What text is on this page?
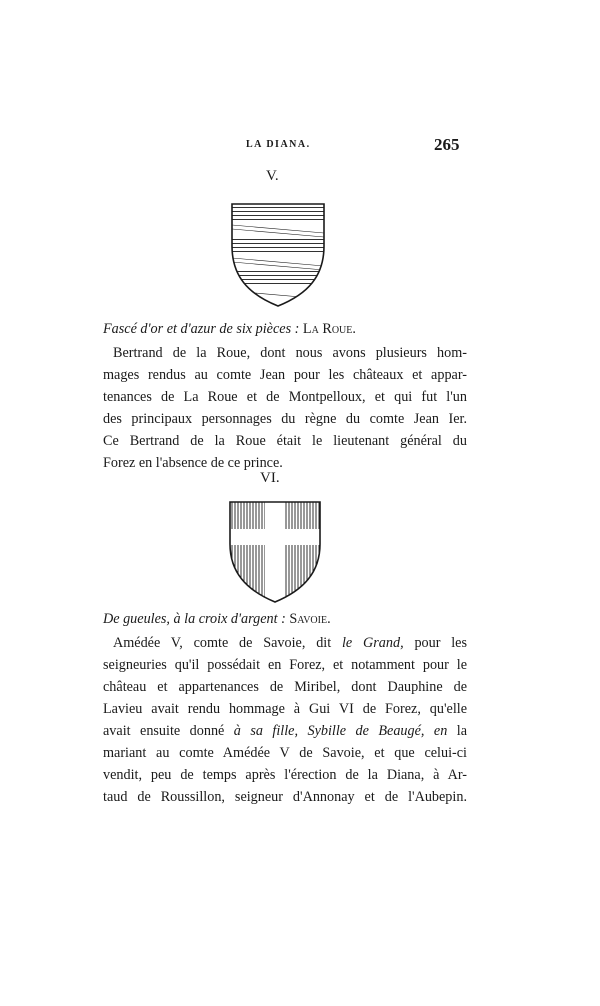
LA DIANA.	265
V.
Fascé d'or et d'azur de six pièces : La Roue.
Bertrand de la Roue, dont nous avons plusieurs hom-
mages rendus au comte Jean pour les châteaux et appar-
tenances de La Roue et de Montpelloux, et qui fut l'un
des principaux personnages du règne du comte Jean Ier.
Ce Bertrand de la Roue était le lieutenant général du
Forez en l'absence de ce prince.
VI.
De gueules, à la croix d'argent : Savoie.
Amédée V, comte de Savoie, dit le Grand, pour les
seigneuries qu'il possédait en Forez, et notamment pour le
château et appartenances de Miribel, dont Dauphine de
Lavieu avait rendu hommage à Gui VI de Forez, qu'elle
avait ensuite donné à sa fille, Sybille de Beaugé, en la
mariant au comte Amédée V de Savoie, et que celui-ci
vendit, peu de temps après l'érection de la Diana, à Ar-
taud de Roussillon, seigneur d'Annonay et de l'Aubepin.
